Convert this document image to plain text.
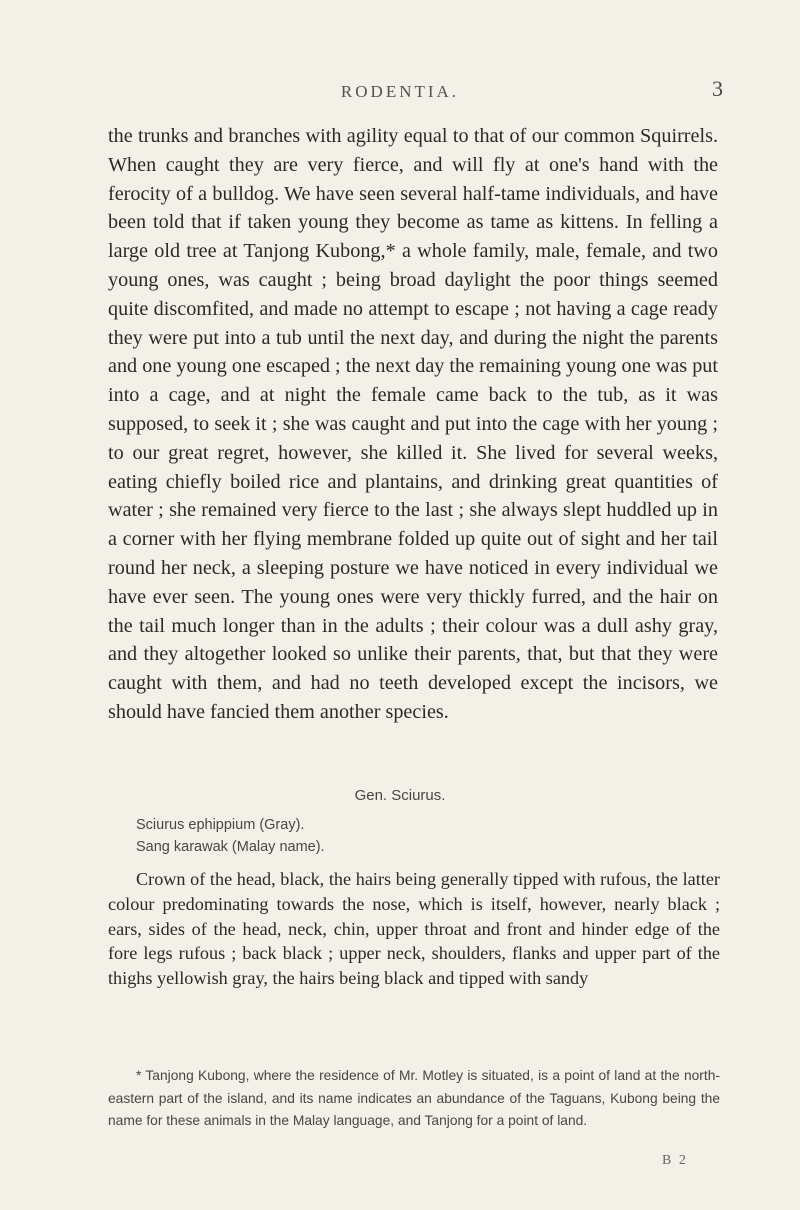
RODENTIA.	3

the trunks and branches with agility equal to that of our common Squirrels. When caught they are very fierce, and will fly at one's hand with the ferocity of a bulldog. We have seen several half-tame individuals, and have been told that if taken young they become as tame as kittens. In felling a large old tree at Tanjong Kubong,* a whole family, male, female, and two young ones, was caught ; being broad daylight the poor things seemed quite discomfited, and made no attempt to escape ; not having a cage ready they were put into a tub until the next day, and during the night the parents and one young one escaped ; the next day the remaining young one was put into a cage, and at night the female came back to the tub, as it was supposed, to seek it ; she was caught and put into the cage with her young ; to our great regret, however, she killed it. She lived for several weeks, eating chiefly boiled rice and plantains, and drinking great quantities of water ; she remained very fierce to the last ; she always slept huddled up in a corner with her flying membrane folded up quite out of sight and her tail round her neck, a sleeping posture we have noticed in every individual we have ever seen. The young ones were very thickly furred, and the hair on the tail much longer than in the adults ; their colour was a dull ashy gray, and they altogether looked so unlike their parents, that, but that they were caught with them, and had no teeth developed except the incisors, we should have fancied them another species.

Gen. Sciurus.
Sciurus ephippium (Gray).
Sang karawak (Malay name).

Crown of the head, black, the hairs being generally tipped with rufous, the latter colour predominating towards the nose, which is itself, however, nearly black ; ears, sides of the head, neck, chin, upper throat and front and hinder edge of the fore legs rufous ; back black ; upper neck, shoulders, flanks and upper part of the thighs yellowish gray, the hairs being black and tipped with sandy

* Tanjong Kubong, where the residence of Mr. Motley is situated, is a point of land at the north-eastern part of the island, and its name indicates an abundance of the Taguans, Kubong being the name for these animals in the Malay language, and Tanjong for a point of land.

B 2
